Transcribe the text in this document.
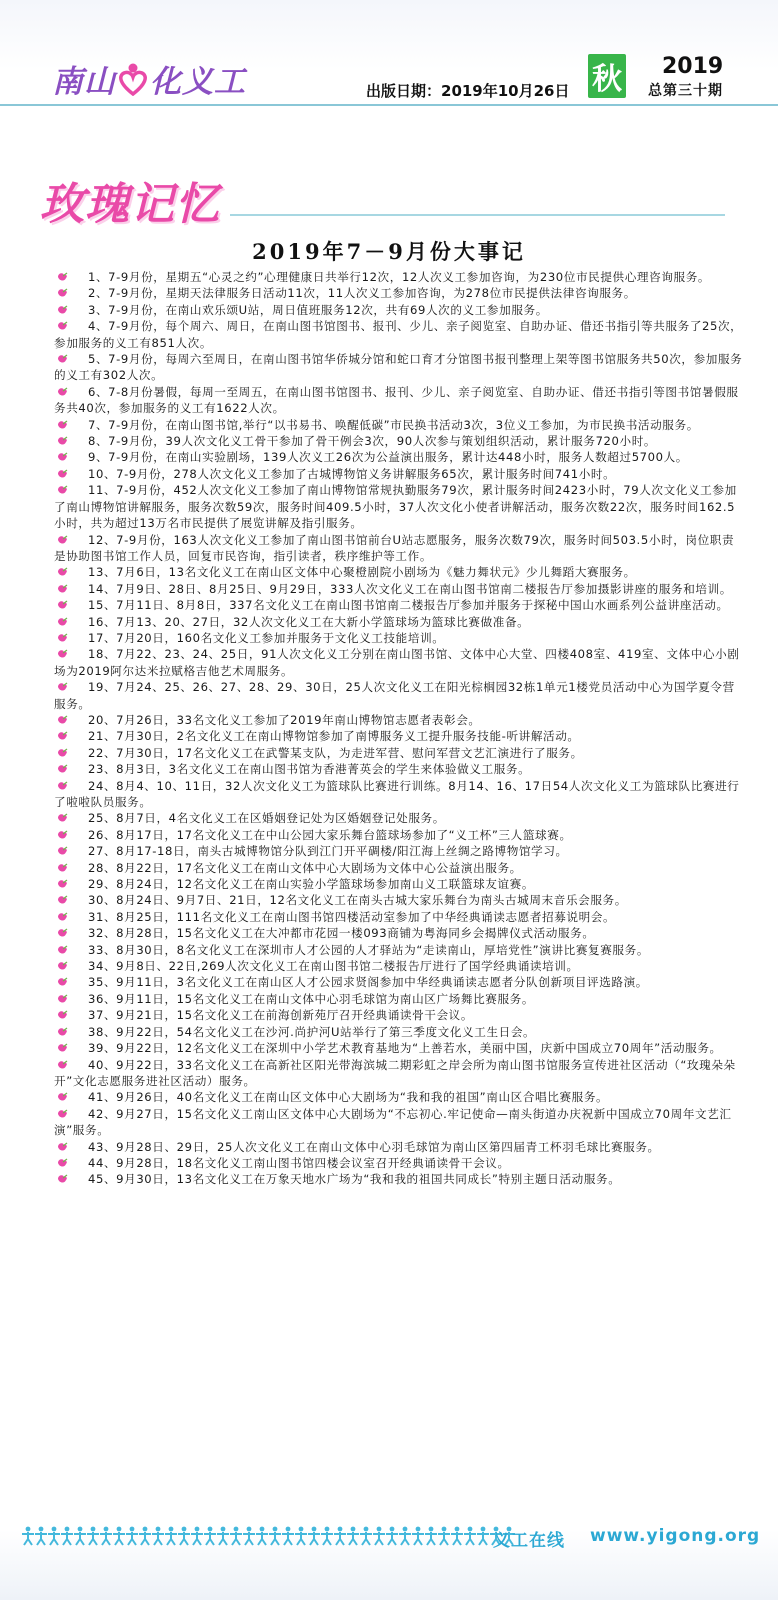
南山 化义工	出版日期：2019年10月26日 秋 2019
总第三十期
玫瑰记忆
2019年7－9月份大事记
1、7-9月份，星期五“心灵之约”心理健康日共举行12次，12人次义工参加咨询，为230位市民提供心理咨询服务。
2、7-9月份，星期天法律服务日活动11次，11人次义工参加咨询，为278位市民提供法律咨询服务。
3、7-9月份，在南山欢乐颂U站，周日值班服务12次，共有69人次的义工参加服务。
4、7-9月份，每个周六、周日，在南山图书馆图书、报刊、少儿、亲子阅览室、自助办证、借还书指引等共服务了25次，参加服务的义工有851人次。
5、7-9月份，每周六至周日，在南山图书馆华侨城分馆和蛇口育才分馆图书报刊整理上架等图书馆服务共50次，参加服务的义工有302人次。
6、7-8月份暑假，每周一至周五，在南山图书馆图书、报刊、少儿、亲子阅览室、自助办证、借还书指引等图书馆暑假服务共40次，参加服务的义工有1622人次。
7、7-9月份，在南山图书馆,举行“以书易书、唤醒低碳”市民换书活动3次，3位义工参加，为市民换书活动服务。
8、7-9月份，39人次文化义工骨干参加了骨干例会3次，90人次参与策划组织活动，累计服务720小时。
9、7-9月份，在南山实验剧场，139人次义工26次为公益演出服务，累计达448小时，服务人数超过5700人。
10、7-9月份，278人次文化义工参加了古城博物馆义务讲解服务65次，累计服务时间741小时。
11、7-9月份，452人次文化义工参加了南山博物馆常规执勤服务79次，累计服务时间2423小时，79人次文化义工参加了南山博物馆讲解服务，服务次数59次，服务时间409.5小时，37人次文化小使者讲解活动，服务次数22次，服务时间162.5小时，共为超过13万名市民提供了展览讲解及指引服务。
12、7-9月份，163人次文化义工参加了南山图书馆前台U站志愿服务，服务次数79次，服务时间503.5小时，岗位职责是协助图书馆工作人员，回复市民咨询，指引读者，秩序维护等工作。
13、7月6日，13名文化义工在南山区文体中心聚橙剧院小剧场为《魅力舞状元》少儿舞蹈大赛服务。
14、7月9日、28日、8月25日、9月29日，333人次文化义工在南山图书馆南二楼报告厅参加摄影讲座的服务和培训。
15、7月11日、8月8日，337名文化义工在南山图书馆南二楼报告厅参加并服务于探秘中国山水画系列公益讲座活动。
16、7月13、20、27日，32人次文化义工在大新小学篮球场为篮球比赛做准备。
17、7月20日，160名文化义工参加并服务于文化义工技能培训。
18、7月22、23、24、25日，91人次文化义工分别在南山图书馆、文体中心大堂、四楼408室、419室、文体中心小剧场为2019阿尔达米拉赋格吉他艺术周服务。
19、7月24、25、26、27、28、29、30日，25人次文化义工在阳光棕榈园32栋1单元1楼党员活动中心为国学夏令营服务。
20、7月26日，33名文化义工参加了2019年南山博物馆志愿者表彰会。
21、7月30日，2名文化义工在南山博物馆参加了南博服务义工提升服务技能-听讲解活动。
22、7月30日，17名文化义工在武警某支队，为走进军营、慰问军营文艺汇演进行了服务。
23、8月3日，3名文化义工在南山图书馆为香港菁英会的学生来体验做义工服务。
24、8月4、10、11日，32人次文化义工为篮球队比赛进行训练。8月14、16、17日54人次文化义工为篮球队比赛进行了啦啦队员服务。
25、8月7日，4名文化义工在区婚姻登记处为区婚姻登记处服务。
26、8月17日，17名文化义工在中山公园大家乐舞台篮球场参加了“义工杯”三人篮球赛。
27、8月17-18日，南头古城博物馆分队到江门开平碉楼/阳江海上丝绸之路博物馆学习。
28、8月22日，17名文化义工在南山文体中心大剧场为文体中心公益演出服务。
29、8月24日，12名文化义工在南山实验小学篮球场参加南山义工联篮球友谊赛。
30、8月24日、9月7日、21日，12名文化义工在南头古城大家乐舞台为南头古城周末音乐会服务。
31、8月25日，111名文化义工在南山图书馆四楼活动室参加了中华经典诵读志愿者招募说明会。
32、8月28日，15名文化义工在大冲都市花园一楼093商铺为粤海同乡会揭牌仪式活动服务。
33、8月30日，8名文化义工在深圳市人才公园的人才驿站为“走读南山，厚培党性”演讲比赛复赛服务。
34、9月8日、22日,269人次文化义工在南山图书馆二楼报告厅进行了国学经典诵读培训。
35、9月11日，3名文化义工在南山区人才公园求贤阁参加中华经典诵读志愿者分队创新项目评选路演。
36、9月11日，15名文化义工在南山文体中心羽毛球馆为南山区广场舞比赛服务。
37、9月21日，15名文化义工在前海创新苑厅召开经典诵读骨干会议。
38、9月22日，54名文化义工在沙河.尚护河U站举行了第三季度文化义工生日会。
39、9月22日，12名文化义工在深圳中小学艺术教育基地为“上善若水，美丽中国，庆新中国成立70周年”活动服务。
40、9月22日，33名文化义工在高新社区阳光带海滨城二期彩虹之岸会所为南山图书馆服务宣传进社区活动（“玫瑰朵朵开”文化志愿服务进社区活动）服务。
41、9月26日，40名文化义工在南山区文体中心大剧场为“我和我的祖国”南山区合唱比赛服务。
42、9月27日，15名文化义工南山区文体中心大剧场为“不忘初心.牢记使命—南头街道办庆祝新中国成立70周年文艺汇演”服务。
43、9月28日、29日，25人次文化义工在南山文体中心羽毛球馆为南山区第四届青工杯羽毛球比赛服务。
44、9月28日，18名文化义工南山图书馆四楼会议室召开经典诵读骨干会议。
45、9月30日，13名文化义工在万象天地水广场为“我和我的祖国共同成长”特别主题日活动服务。
义工在线 www.yigong.org
